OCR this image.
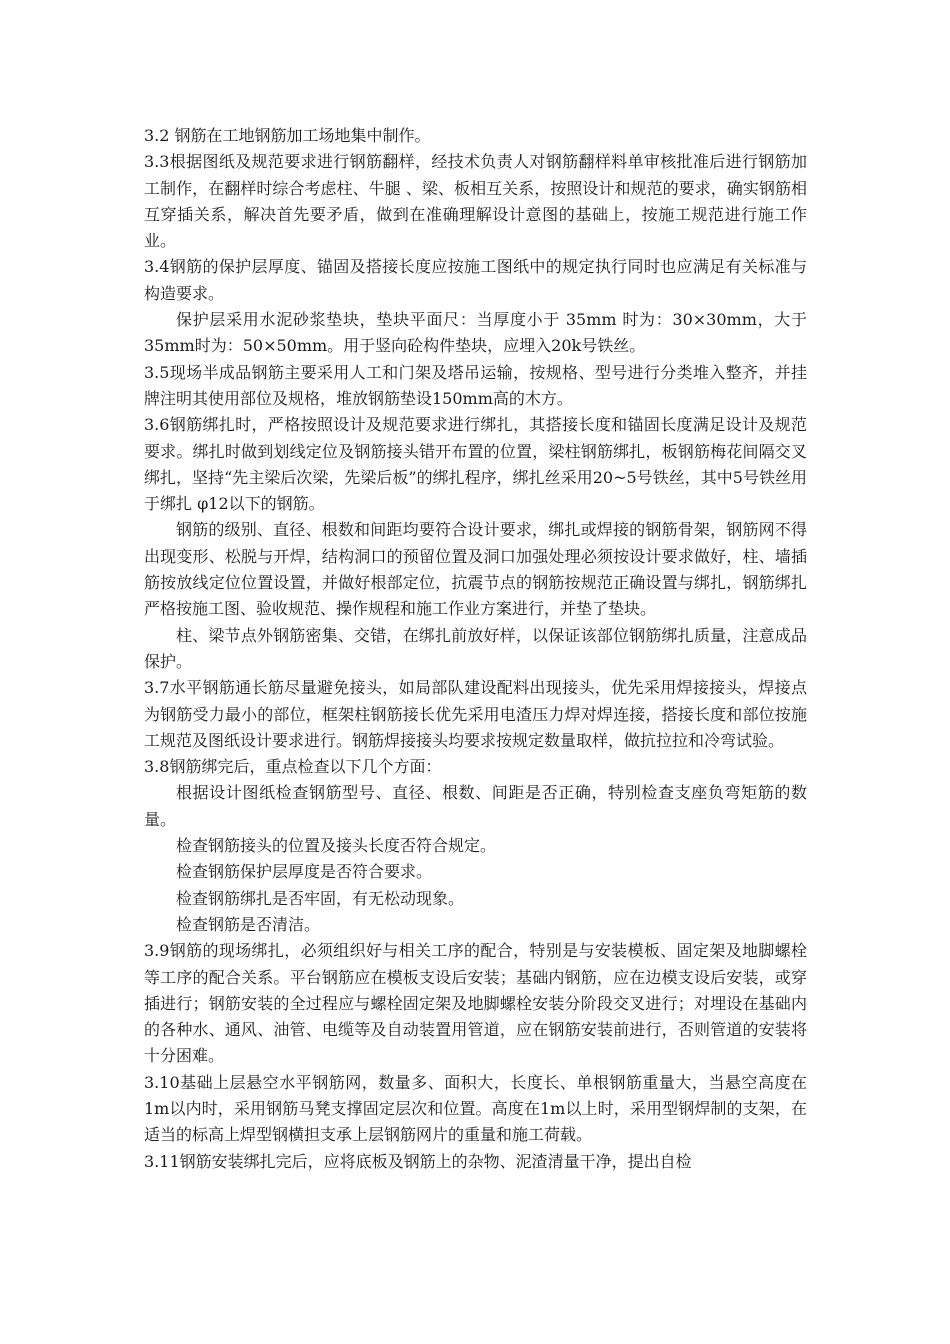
3.2 钢筋在工地钢筋加工场地集中制作。

3.3根据图纸及规范要求进行钢筋翻样，经技术负责人对钢筋翻样料单审核批准后进行钢筋加工制作，在翻样时综合考虑柱、牛腿 、梁、板相互关系，按照设计和规范的要求，确实钢筋相互穿插关系，解决首先要矛盾，做到在准确理解设计意图的基础上，按施工规范进行施工作业。

3.4钢筋的保护层厚度、锚固及搭接长度应按施工图纸中的规定执行同时也应满足有关标准与构造要求。

保护层采用水泥砂浆垫块，垫块平面尺：当厚度小于 35mm 时为：30×30mm，大于35mm时为：50×50mm。用于竖向砼构件垫块，应埋入20k号铁丝。

3.5现场半成品钢筋主要采用人工和门架及塔吊运输，按规格、型号进行分类堆入整齐，并挂牌注明其使用部位及规格，堆放钢筋垫设150mm高的木方。

3.6钢筋绑扎时，严格按照设计及规范要求进行绑扎，其搭接长度和锚固长度满足设计及规范要求。绑扎时做到划线定位及钢筋接头错开布置的位置，梁柱钢筋绑扎，板钢筋梅花间隔交叉绑扎，坚持“先主梁后次梁，先梁后板”的绑扎程序，绑扎丝采用20~5号铁丝，其中5号铁丝用于绑扎 φ12以下的钢筋。

钢筋的级别、直径、根数和间距均要符合设计要求，绑扎或焊接的钢筋骨架，钢筋网不得出现变形、松脱与开焊，结构洞口的预留位置及洞口加强处理必须按设计要求做好，柱、墙插筋按放线定位位置设置，并做好根部定位，抗震节点的钢筋按规范正确设置与绑扎，钢筋绑扎严格按施工图、验收规范、操作规程和施工作业方案进行，并垫了垫块。

柱、梁节点外钢筋密集、交错，在绑扎前放好样，以保证该部位钢筋绑扎质量，注意成品保护。

3.7水平钢筋通长筋尽量避免接头，如局部队建设配料出现接头，优先采用焊接接头，焊接点为钢筋受力最小的部位，框架柱钢筋接长优先采用电渣压力焊对焊连接，搭接长度和部位按施工规范及图纸设计要求进行。钢筋焊接接头均要求按规定数量取样，做抗拉拉和冷弯试验。

3.8钢筋绑完后，重点检查以下几个方面：

根据设计图纸检查钢筋型号、直径、根数、间距是否正确，特别检查支座负弯矩筋的数量。

检查钢筋接头的位置及接头长度否符合规定。

检查钢筋保护层厚度是否符合要求。

检查钢筋绑扎是否牢固，有无松动现象。

检查钢筋是否清洁。

3.9钢筋的现场绑扎，必须组织好与相关工序的配合，特别是与安装模板、固定架及地脚螺栓等工序的配合关系。平台钢筋应在模板支设后安装；基础内钢筋，应在边模支设后安装，或穿插进行；钢筋安装的全过程应与螺栓固定架及地脚螺栓安装分阶段交叉进行；对埋设在基础内的各种水、通风、油管、电缆等及自动装置用管道，应在钢筋安装前进行，否则管道的安装将十分困难。

3.10基础上层悬空水平钢筋网，数量多、面积大，长度长、单根钢筋重量大，当悬空高度在1m以内时，采用钢筋马凳支撑固定层次和位置。高度在1m以上时，采用型钢焊制的支架，在适当的标高上焊型钢横担支承上层钢筋网片的重量和施工荷载。

3.11钢筋安装绑扎完后，应将底板及钢筋上的杂物、泥渣清量干净，提出自检
